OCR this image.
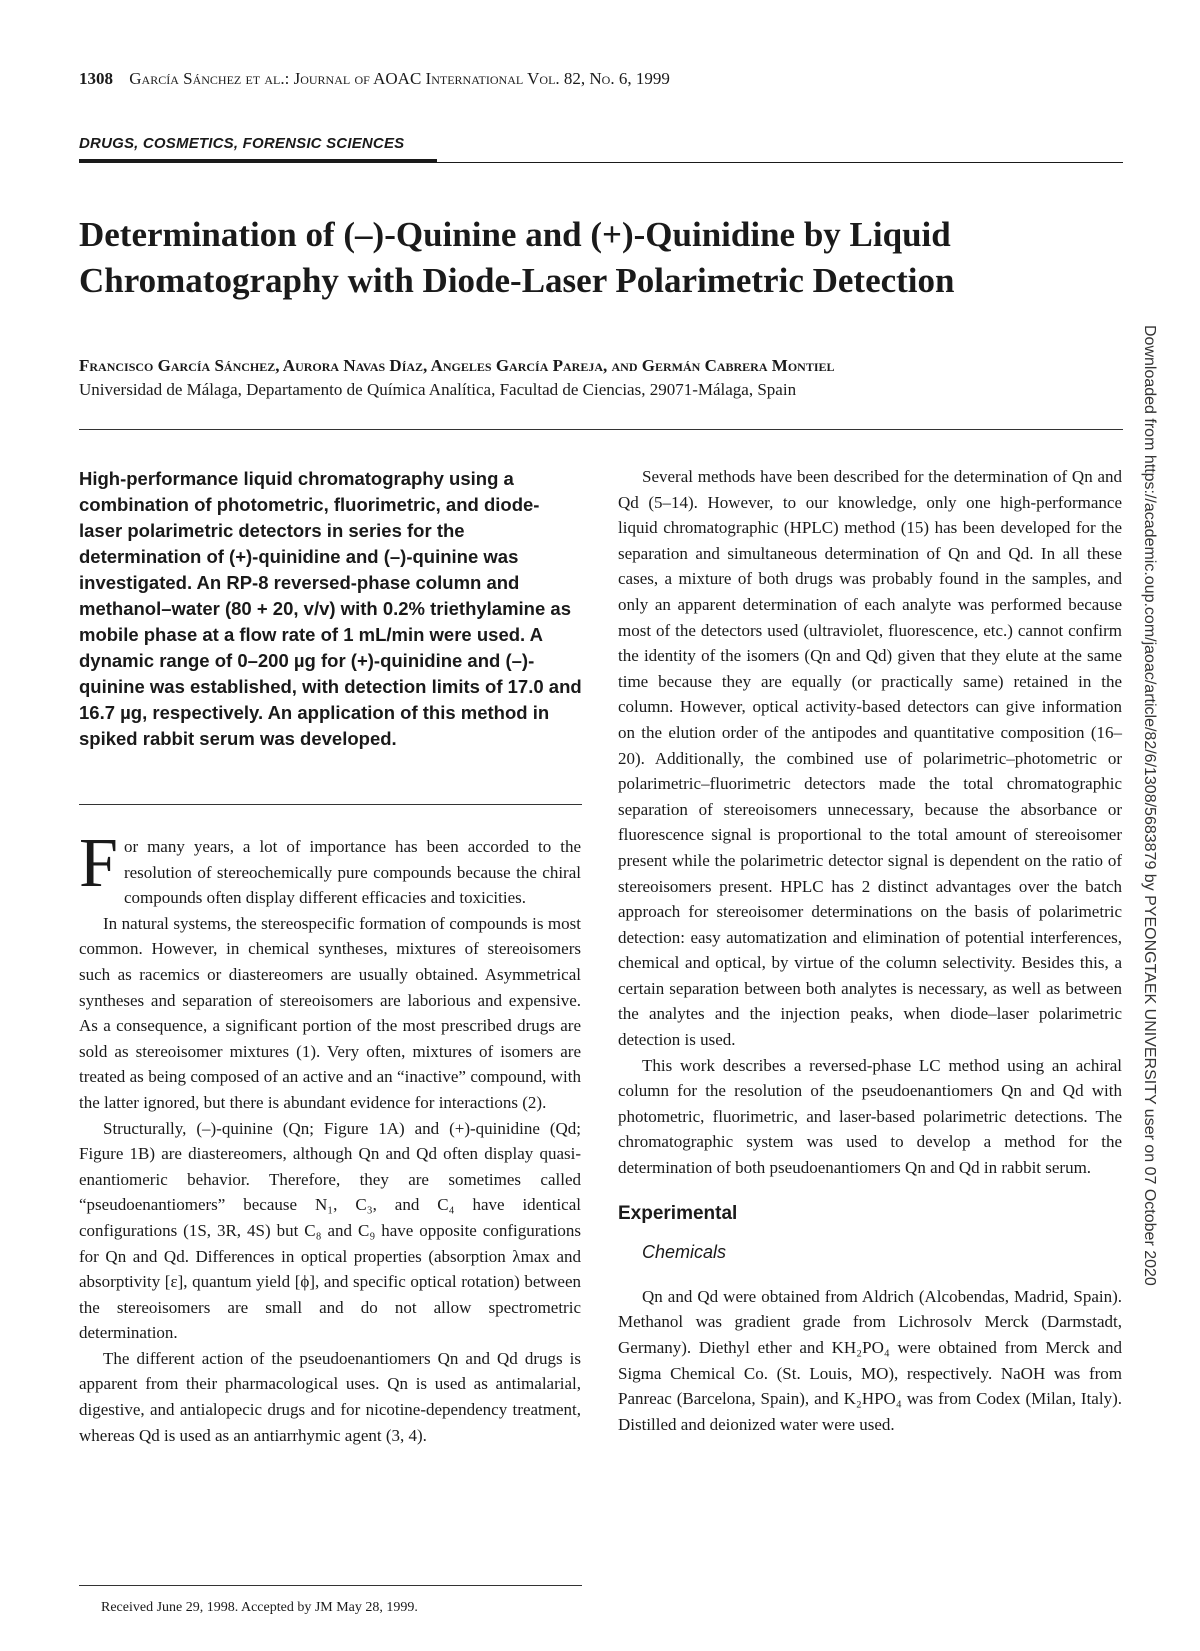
1308 García Sánchez et al.: Journal of AOAC International Vol. 82, No. 6, 1999
DRUGS, COSMETICS, FORENSIC SCIENCES
Determination of (–)-Quinine and (+)-Quinidine by Liquid Chromatography with Diode-Laser Polarimetric Detection
Francisco García Sánchez, Aurora Navas Díaz, Angeles García Pareja, and Germán Cabrera Montiel
Universidad de Málaga, Departamento de Química Analítica, Facultad de Ciencias, 29071-Málaga, Spain

High-performance liquid chromatography using a combination of photometric, fluorimetric, and diode-laser polarimetric detectors in series for the determination of (+)-quinidine and (–)-quinine was investigated. An RP-8 reversed-phase column and methanol–water (80 + 20, v/v) with 0.2% triethylamine as mobile phase at a flow rate of 1 mL/min were used. A dynamic range of 0–200 µg for (+)-quinidine and (–)-quinine was established, with detection limits of 17.0 and 16.7 µg, respectively. An application of this method in spiked rabbit serum was developed.

For many years, a lot of importance has been accorded to the resolution of stereochemically pure compounds because the chiral compounds often display different efficacies and toxicities.

In natural systems, the stereospecific formation of compounds is most common. However, in chemical syntheses, mixtures of stereoisomers such as racemics or diastereomers are usually obtained. Asymmetrical syntheses and separation of stereoisomers are laborious and expensive. As a consequence, a significant portion of the most prescribed drugs are sold as stereoisomer mixtures (1). Very often, mixtures of isomers are treated as being composed of an active and an “inactive” compound, with the latter ignored, but there is abundant evidence for interactions (2).

Structurally, (–)-quinine (Qn; Figure 1A) and (+)-quinidine (Qd; Figure 1B) are diastereomers, although Qn and Qd often display quasi-enantiomeric behavior. Therefore, they are sometimes called “pseudoenantiomers” because N₁, C₃, and C₄ have identical configurations (1S, 3R, 4S) but C₈ and C₉ have opposite configurations for Qn and Qd. Differences in optical properties (absorption λmax and absorptivity [ε], quantum yield [ϕ], and specific optical rotation) between the stereoisomers are small and do not allow spectrometric determination.

The different action of the pseudoenantiomers Qn and Qd drugs is apparent from their pharmacological uses. Qn is used as antimalarial, digestive, and antialopecic drugs and for nicotine-dependency treatment, whereas Qd is used as an antiarrhymic agent (3, 4).

Several methods have been described for the determination of Qn and Qd (5–14). However, to our knowledge, only one high-performance liquid chromatographic (HPLC) method (15) has been developed for the separation and simultaneous determination of Qn and Qd. In all these cases, a mixture of both drugs was probably found in the samples, and only an apparent determination of each analyte was performed because most of the detectors used (ultraviolet, fluorescence, etc.) cannot confirm the identity of the isomers (Qn and Qd) given that they elute at the same time because they are equally (or practically same) retained in the column. However, optical activity-based detectors can give information on the elution order of the antipodes and quantitative composition (16–20). Additionally, the combined use of polarimetric–photometric or polarimetric–fluorimetric detectors made the total chromatographic separation of stereoisomers unnecessary, because the absorbance or fluorescence signal is proportional to the total amount of stereoisomer present while the polarimetric detector signal is dependent on the ratio of stereoisomers present. HPLC has 2 distinct advantages over the batch approach for stereoisomer determinations on the basis of polarimetric detection: easy automatization and elimination of potential interferences, chemical and optical, by virtue of the column selectivity. Besides this, a certain separation between both analytes is necessary, as well as between the analytes and the injection peaks, when diode–laser polarimetric detection is used.

This work describes a reversed-phase LC method using an achiral column for the resolution of the pseudoenantiomers Qn and Qd with photometric, fluorimetric, and laser-based polarimetric detections. The chromatographic system was used to develop a method for the determination of both pseudoenantiomers Qn and Qd in rabbit serum.

Experimental
Chemicals

Qn and Qd were obtained from Aldrich (Alcobendas, Madrid, Spain). Methanol was gradient grade from Lichrosolv Merck (Darmstadt, Germany). Diethyl ether and KH₂PO₄ were obtained from Merck and Sigma Chemical Co. (St. Louis, MO), respectively. NaOH was from Panreac (Barcelona, Spain), and K₂HPO₄ was from Codex (Milan, Italy). Distilled and deionized water were used.

Received June 29, 1998. Accepted by JM May 28, 1999.
Downloaded from https://academic.oup.com/jaoac/article/82/6/1308/5683879 by PYEONGTAEK UNIVERSITY user on 07 October 2020
